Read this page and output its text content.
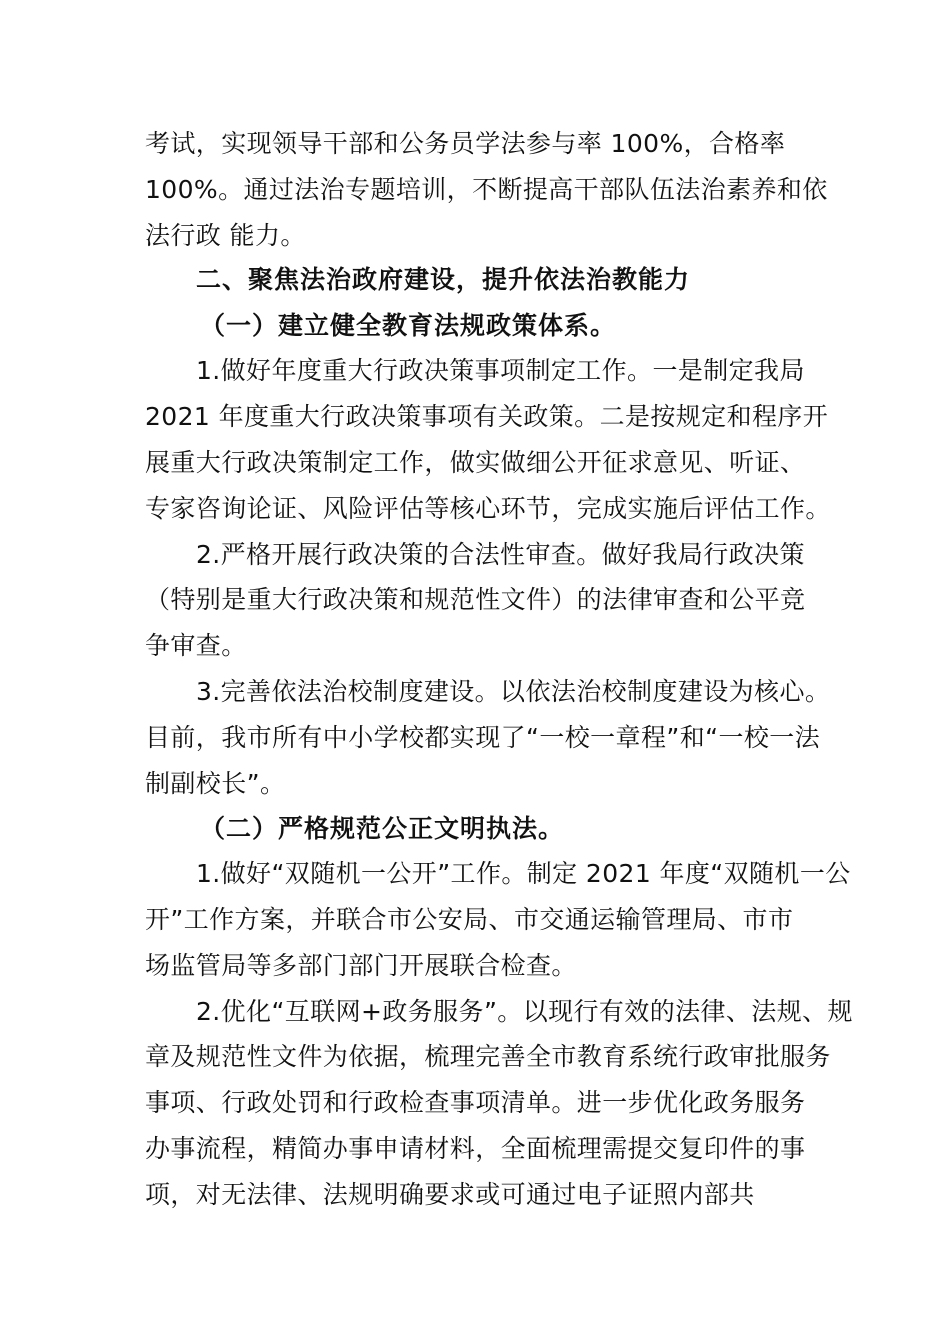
考试，实现领导干部和公务员学法参与率 100%，合格率

100%。通过法治专题培训，不断提高干部队伍法治素养和依

法行政 能力。

二、聚焦法治政府建设，提升依法治教能力

（一）建立健全教育法规政策体系。

1.做好年度重大行政决策事项制定工作。一是制定我局

2021 年度重大行政决策事项有关政策。二是按规定和程序开

展重大行政决策制定工作，做实做细公开征求意见、听证、

专家咨询论证、风险评估等核心环节，完成实施后评估工作。

2.严格开展行政决策的合法性审查。做好我局行政决策

（特别是重大行政决策和规范性文件）的法律审查和公平竞

争审查。

3.完善依法治校制度建设。以依法治校制度建设为核心。

目前，我市所有中小学校都实现了“一校一章程”和“一校一法

制副校长”。

（二）严格规范公正文明执法。

1.做好“双随机一公开”工作。制定 2021 年度“双随机一公

开”工作方案，并联合市公安局、市交通运输管理局、市市

场监管局等多部门部门开展联合检查。

2.优化“互联网+政务服务”。以现行有效的法律、法规、规

章及规范性文件为依据，梳理完善全市教育系统行政审批服务

事项、行政处罚和行政检查事项清单。进一步优化政务服务

办事流程，精简办事申请材料，全面梳理需提交复印件的事

项，对无法律、法规明确要求或可通过电子证照内部共
